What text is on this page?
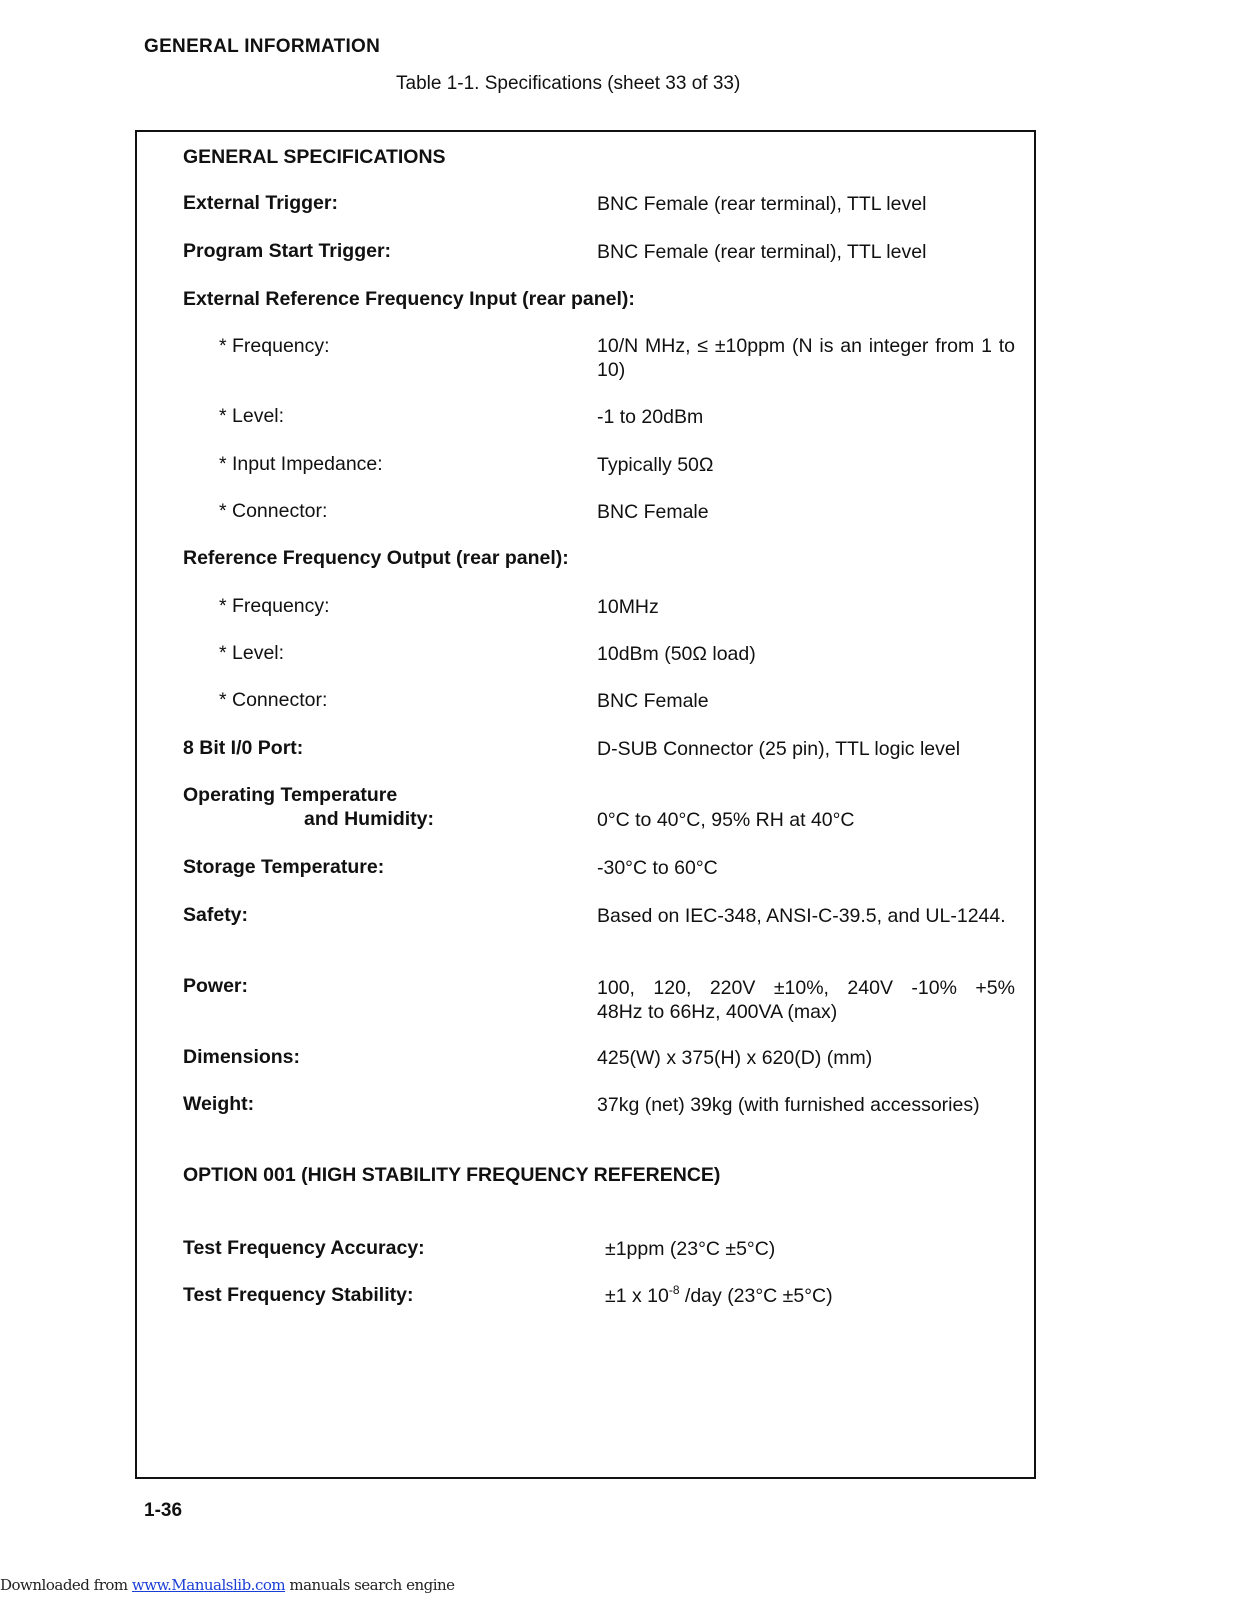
GENERAL INFORMATION
Table 1-1. Specifications (sheet 33 of 33)
GENERAL SPECIFICATIONS
External Trigger:	BNC Female (rear terminal), TTL level
Program Start Trigger:	BNC Female (rear terminal), TTL level
External Reference Frequency Input (rear panel):
* Frequency:	10/N MHz, ≤ ±10ppm (N is an integer from 1 to 10)
* Level:	-1 to 20dBm
* Input Impedance:	Typically 50Ω
* Connector:	BNC Female
Reference Frequency Output (rear panel):
* Frequency:	10MHz
* Level:	10dBm (50Ω load)
* Connector:	BNC Female
8 Bit I/0 Port:	D-SUB Connector (25 pin), TTL logic level
Operating Temperature
and Humidity:	0°C to 40°C, 95% RH at 40°C
Storage Temperature:	-30°C to 60°C
Safety:	Based on IEC-348, ANSI-C-39.5, and UL-1244.
Power:	100, 120, 220V ±10%, 240V -10% +5%
48Hz to 66Hz, 400VA (max)
Dimensions:	425(W) x 375(H) x 620(D) (mm)
Weight:	37kg (net) 39kg (with furnished accessories)
OPTION 001 (HIGH STABILITY FREQUENCY REFERENCE)
Test Frequency Accuracy:	±1ppm (23°C ±5°C)
Test Frequency Stability:	±1 x $10^{-8}$ /day (23°C ±5°C)
1-36
Downloaded from www.Manualslib.com manuals search engine
